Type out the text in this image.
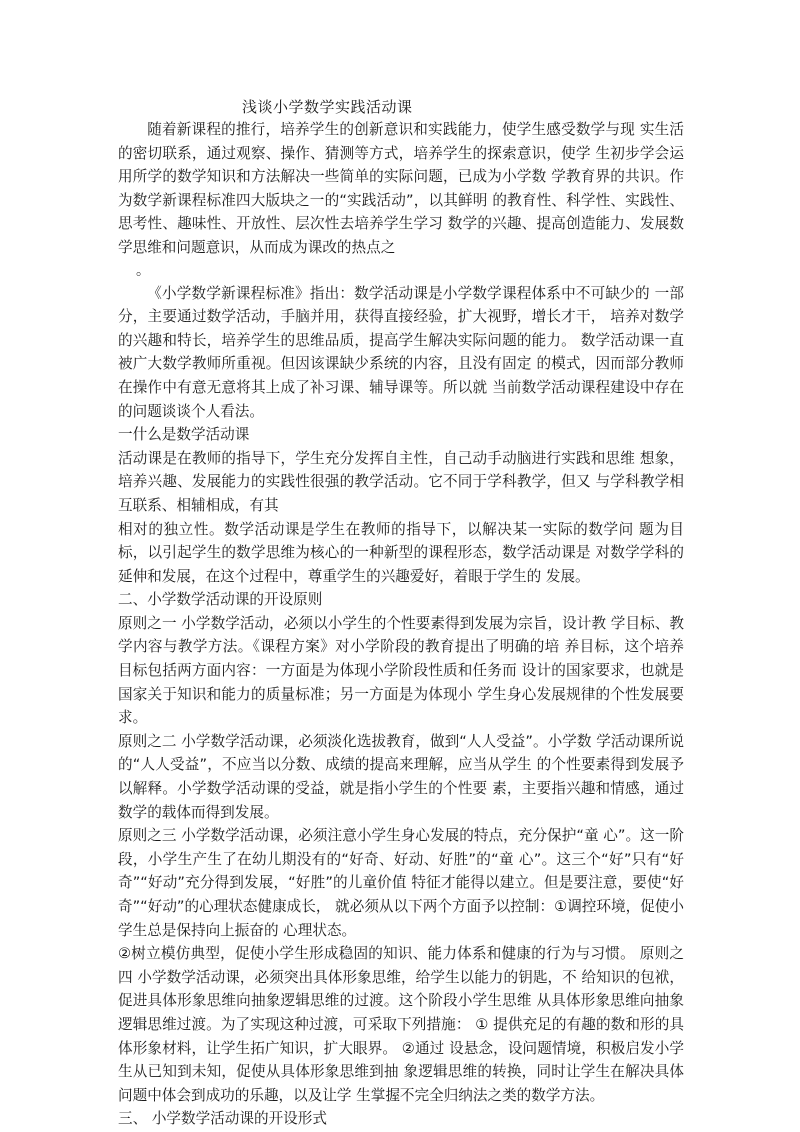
浅谈小学数学实践活动课

随着新课程的推行，培养学生的创新意识和实践能力，使学生感受数学与现 实生活的密切联系，通过观察、操作、猜测等方式，培养学生的探索意识，使学 生初步学会运用所学的数学知识和方法解决一些简单的实际问题，已成为小学数 学教育界的共识。作为数学新课程标准四大版块之一的“实践活动”，以其鲜明 的教育性、科学性、实践性、思考性、趣味性、开放性、层次性去培养学生学习 数学的兴趣、提高创造能力、发展数学思维和问题意识，从而成为课改的热点之

。

《小学数学新课程标准》指出：数学活动课是小学数学课程体系中不可缺少的 一部分，主要通过数学活动，手脑并用，获得直接经验，扩大视野，增长才干， 培养对数学的兴趣和特长，培养学生的思维品质，提高学生解决实际问题的能力。 数学活动课一直被广大数学教师所重视。但因该课缺少系统的内容，且没有固定 的模式，因而部分教师在操作中有意无意将其上成了补习课、辅导课等。所以就 当前数学活动课程建设中存在的问题谈谈个人看法。

一什么是数学活动课

活动课是在教师的指导下，学生充分发挥自主性，自己动手动脑进行实践和思维 想象，培养兴趣、发展能力的实践性很强的教学活动。它不同于学科教学，但又 与学科教学相互联系、相辅相成，有其

相对的独立性。数学活动课是学生在教师的指导下，以解决某一实际的数学问 题为目标，以引起学生的数学思维为核心的一种新型的课程形态，数学活动课是 对数学学科的延伸和发展，在这个过程中，尊重学生的兴趣爱好，着眼于学生的 发展。

二、小学数学活动课的开设原则

原则之一 小学数学活动，必须以小学生的个性要素得到发展为宗旨，设计教 学目标、教学内容与教学方法。《课程方案》对小学阶段的教育提出了明确的培 养目标，这个培养目标包括两方面内容：一方面是为体现小学阶段性质和任务而 设计的国家要求，也就是国家关于知识和能力的质量标准；另一方面是为体现小 学生身心发展规律的个性发展要求。

原则之二 小学数学活动课，必须淡化选拔教育，做到“人人受益”。小学数 学活动课所说的“人人受益”，不应当以分数、成绩的提高来理解，应当从学生 的个性要素得到发展予以解释。小学数学活动课的受益，就是指小学生的个性要 素，主要指兴趣和情感，通过数学的载体而得到发展。

原则之三 小学数学活动课，必须注意小学生身心发展的特点，充分保护“童 心”。这一阶段，小学生产生了在幼儿期没有的“好奇、好动、好胜”的“童 心”。这三个“好”只有“好奇”“好动”充分得到发展，“好胜”的儿童价值 特征才能得以建立。但是要注意，要使“好奇”“好动”的心理状态健康成长， 就必须从以下两个方面予以控制：①调控环境，促使小学生总是保持向上振奋的 心理状态。

②树立模仿典型，促使小学生形成稳固的知识、能力体系和健康的行为与习惯。 原则之四 小学数学活动课，必须突出具体形象思维，给学生以能力的钥匙，不 给知识的包袱，促进具体形象思维向抽象逻辑思维的过渡。这个阶段小学生思维 从具体形象思维向抽象逻辑思维过渡。为了实现这种过渡，可采取下列措施： ① 提供充足的有趣的数和形的具体形象材料，让学生拓广知识，扩大眼界。 ②通过 设悬念，设问题情境，积极启发小学生从已知到未知，促使从具体形象思维到抽 象逻辑思维的转换，同时让学生在解决具体问题中体会到成功的乐趣，以及让学 生掌握不完全归纳法之类的数学方法。

三、 小学数学活动课的开设形式
